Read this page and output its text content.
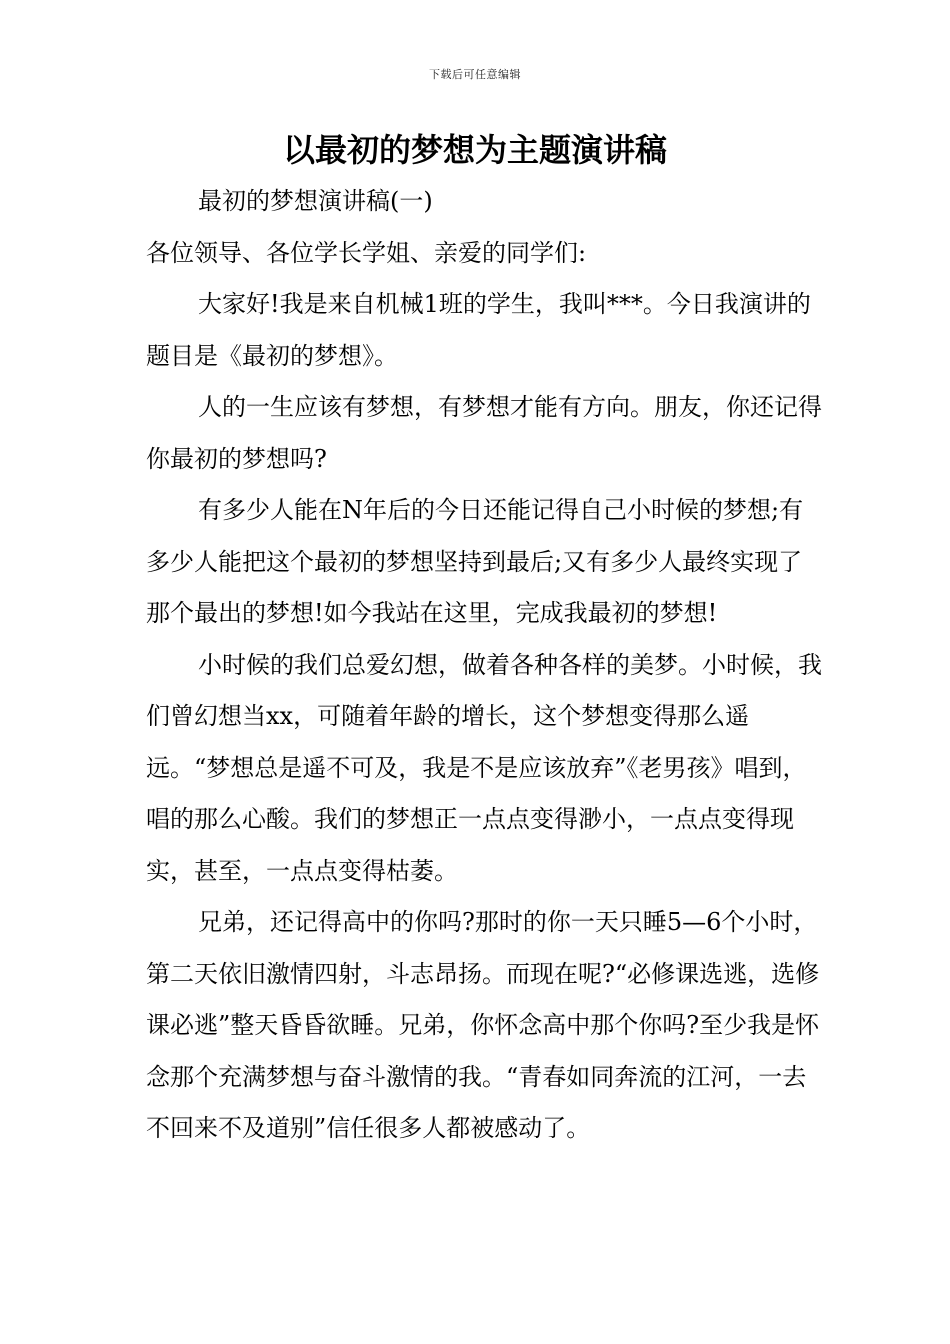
下载后可任意编辑
以最初的梦想为主题演讲稿

最初的梦想演讲稿(一)

各位领导、各位学长学姐、亲爱的同学们:

大家好!我是来自机械1班的学生，我叫***。今日我演讲的题目是《最初的梦想》。

人的一生应该有梦想，有梦想才能有方向。朋友，你还记得你最初的梦想吗?

有多少人能在N年后的今日还能记得自己小时候的梦想;有多少人能把这个最初的梦想坚持到最后;又有多少人最终实现了那个最出的梦想!如今我站在这里，完成我最初的梦想!

小时候的我们总爱幻想，做着各种各样的美梦。小时候，我们曾幻想当xx，可随着年龄的增长，这个梦想变得那么遥远。“梦想总是遥不可及，我是不是应该放弃”《老男孩》唱到，唱的那么心酸。我们的梦想正一点点变得渺小，一点点变得现实，甚至，一点点变得枯萎。

兄弟，还记得高中的你吗?那时的你一天只睡5—6个小时，第二天依旧激情四射，斗志昂扬。而现在呢?“必修课选逃，选修课必逃”整天昏昏欲睡。兄弟，你怀念高中那个你吗?至少我是怀念那个充满梦想与奋斗激情的我。“青春如同奔流的江河，一去不回来不及道别”信任很多人都被感动了。
